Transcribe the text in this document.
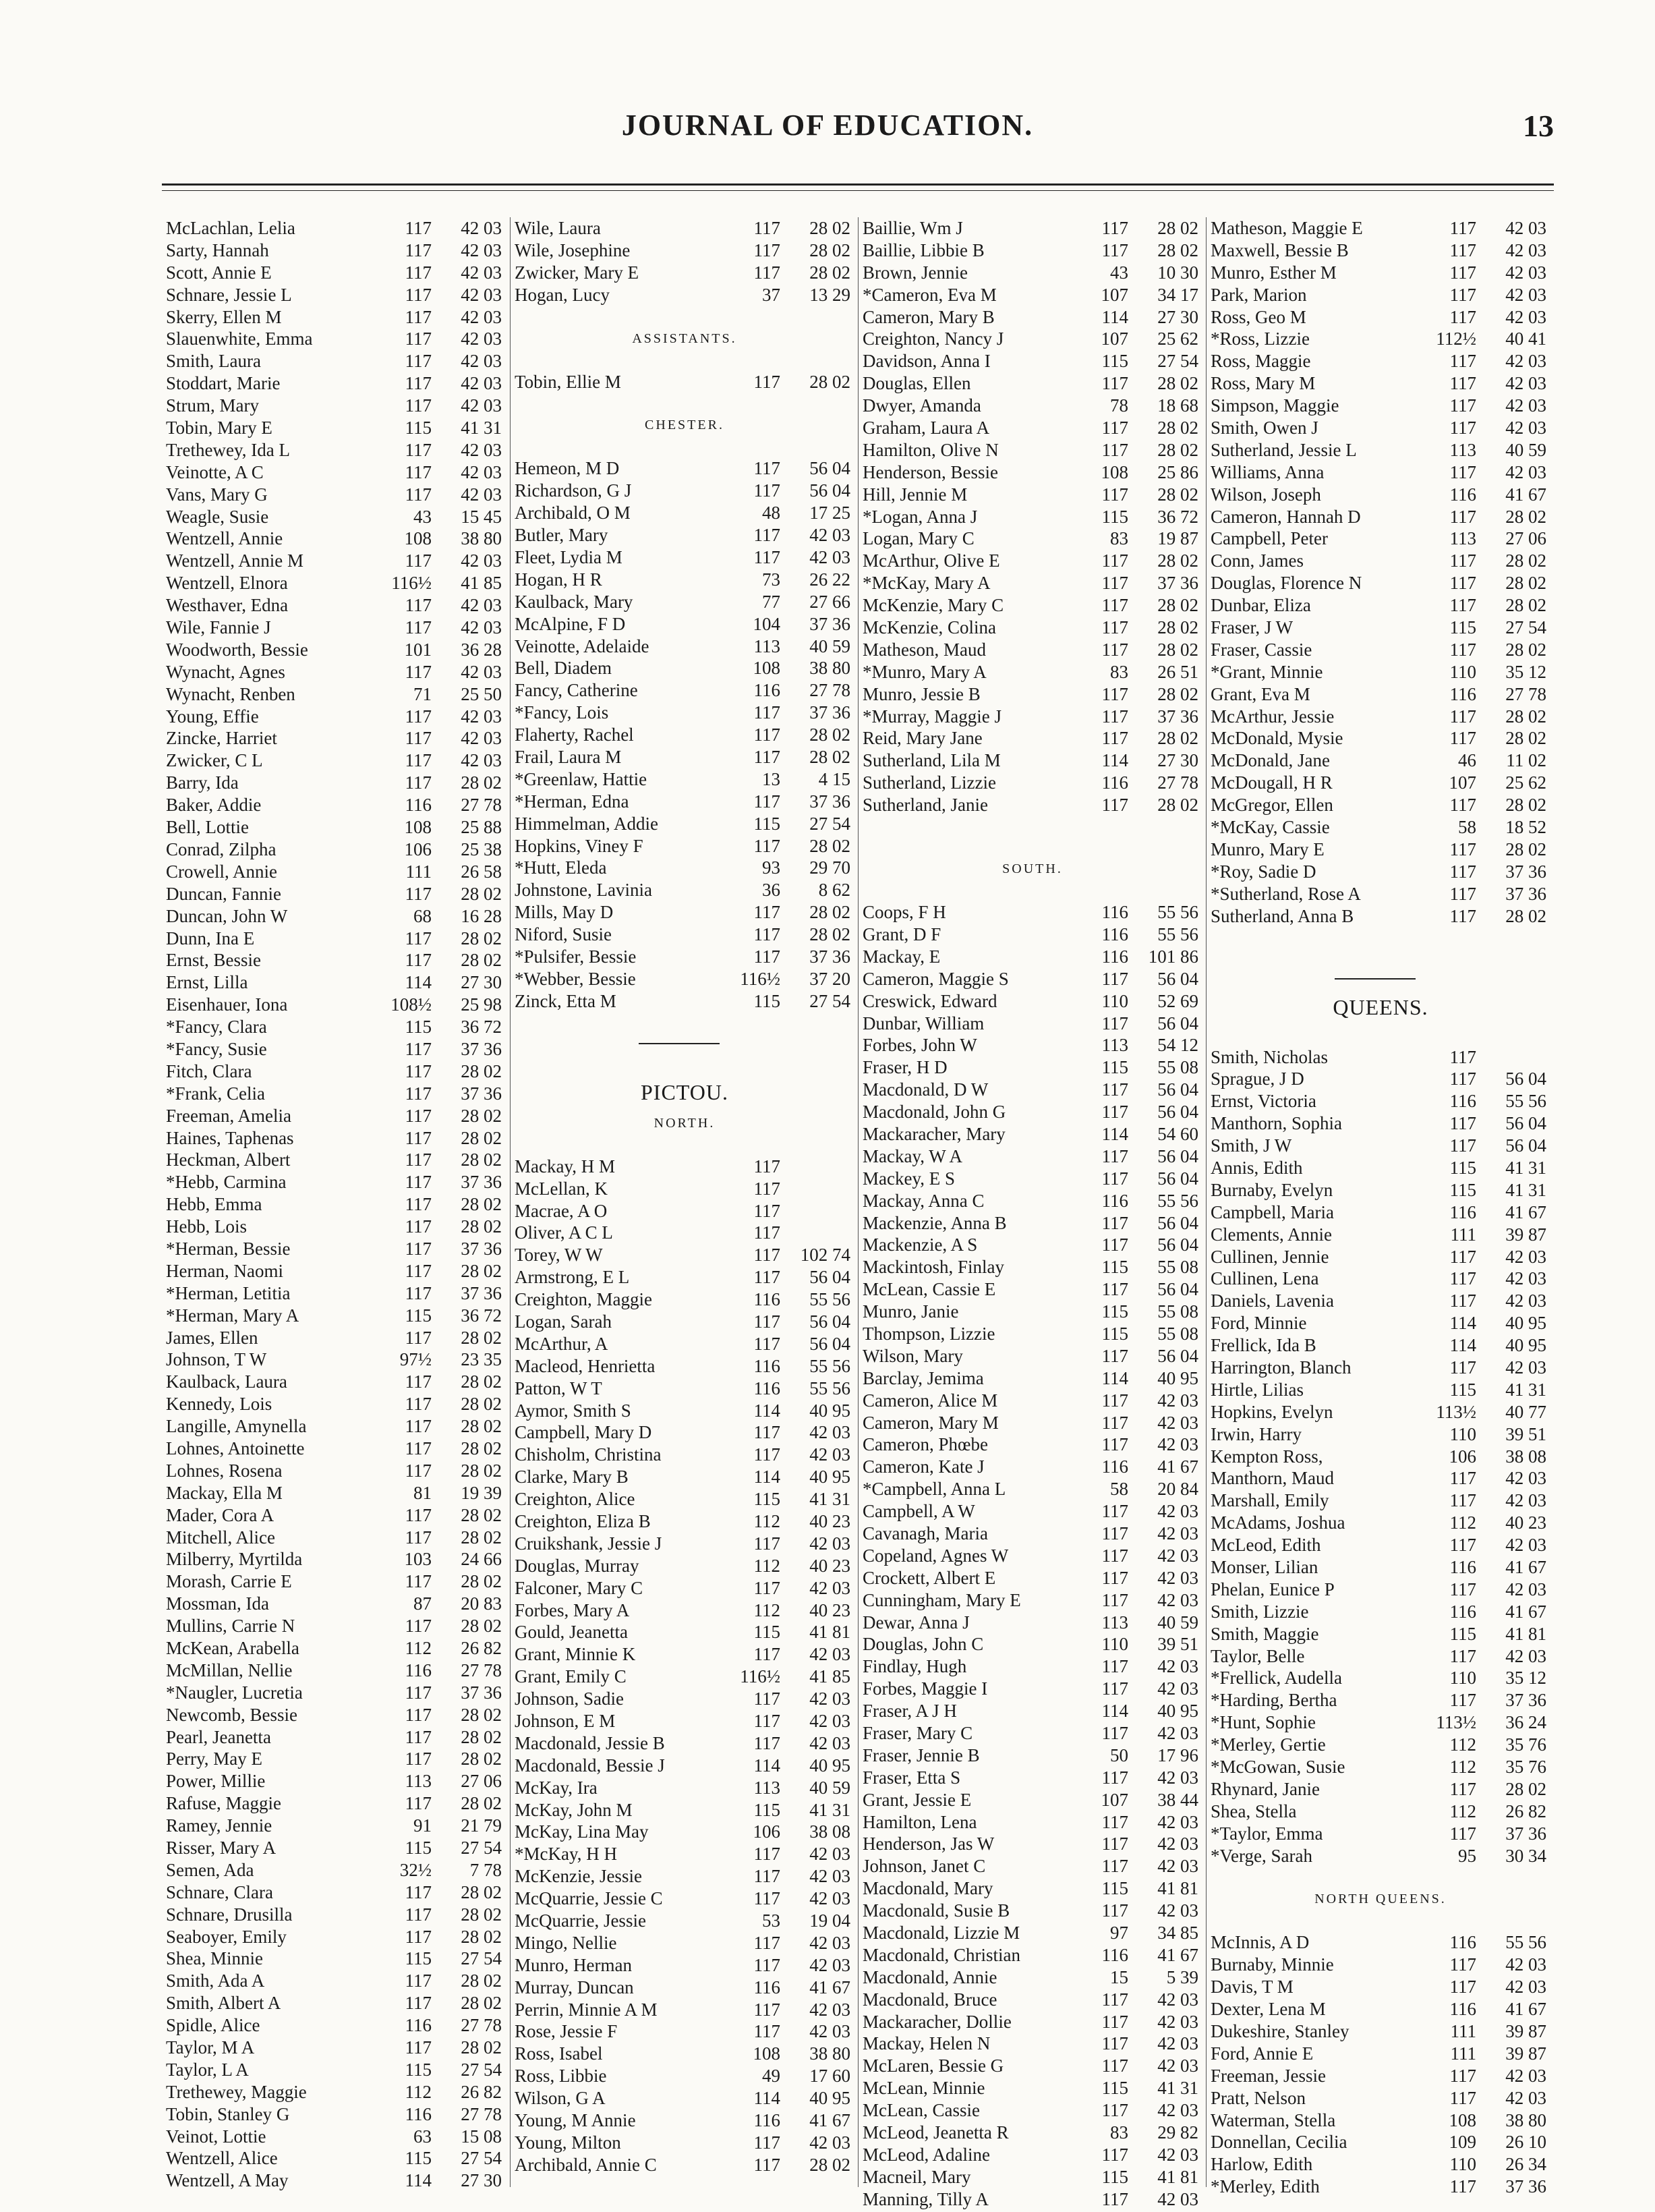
JOURNAL OF EDUCATION.	13
McLachlan, Lelia	117	42 03
Sarty, Hannah	117	42 03
Scott, Annie E	117	42 03
Schnare, Jessie L	117	42 03
Skerry, Ellen M	117	42 03
Slauenwhite, Emma	117	42 03
Smith, Laura	117	42 03
Stoddart, Marie	117	42 03
Strum, Mary	117	42 03
Tobin, Mary E	115	41 31
Trethewey, Ida L	117	42 03
Veinotte, A C	117	42 03
Vans, Mary G	117	42 03
Weagle, Susie	43	15 45
Wentzell, Annie	108	38 80
Wentzell, Annie M	117	42 03
Wentzell, Elnora	116½	41 85
Westhaver, Edna	117	42 03
Wile, Fannie J	117	42 03
Woodworth, Bessie	101	36 28
Wynacht, Agnes	117	42 03
Wynacht, Renben	71	25 50
Young, Effie	117	42 03
Zincke, Harriet	117	42 03
Zwicker, C L	117	42 03
Barry, Ida	117	28 02
Baker, Addie	116	27 78
Bell, Lottie	108	25 88
Conrad, Zilpha	106	25 38
Crowell, Annie	111	26 58
Duncan, Fannie	117	28 02
Duncan, John W	68	16 28
Dunn, Ina E	117	28 02
Ernst, Bessie	117	28 02
Ernst, Lilla	114	27 30
Eisenhauer, Iona	108½	25 98
*Fancy, Clara	115	36 72
*Fancy, Susie	117	37 36
Fitch, Clara	117	28 02
*Frank, Celia	117	37 36
Freeman, Amelia	117	28 02
Haines, Taphenas	117	28 02
Heckman, Albert	117	28 02
*Hebb, Carmina	117	37 36
Hebb, Emma	117	28 02
Hebb, Lois	117	28 02
*Herman, Bessie	117	37 36
Herman, Naomi	117	28 02
*Herman, Letitia	117	37 36
*Herman, Mary A	115	36 72
James, Ellen	117	28 02
Johnson, T W	97½	23 35
Kaulback, Laura	117	28 02
Kennedy, Lois	117	28 02
Langille, Amynella	117	28 02
Lohnes, Antoinette	117	28 02
Lohnes, Rosena	117	28 02
Mackay, Ella M	81	19 39
Mader, Cora A	117	28 02
Mitchell, Alice	117	28 02
Milberry, Myrtilda	103	24 66
Morash, Carrie E	117	28 02
Mossman, Ida	87	20 83
Mullins, Carrie N	117	28 02
McKean, Arabella	112	26 82
McMillan, Nellie	116	27 78
*Naugler, Lucretia	117	37 36
Newcomb, Bessie	117	28 02
Pearl, Jeanetta	117	28 02
Perry, May E	117	28 02
Power, Millie	113	27 06
Rafuse, Maggie	117	28 02
Ramey, Jennie	91	21 79
Risser, Mary A	115	27 54
Semen, Ada	32½	7 78
Schnare, Clara	117	28 02
Schnare, Drusilla	117	28 02
Seaboyer, Emily	117	28 02
Shea, Minnie	115	27 54
Smith, Ada A	117	28 02
Smith, Albert A	117	28 02
Spidle, Alice	116	27 78
Taylor, M A	117	28 02
Taylor, L A	115	27 54
Trethewey, Maggie	112	26 82
Tobin, Stanley G	116	27 78
Veinot, Lottie	63	15 08
Wentzell, Alice	115	27 54
Wentzell, A May	114	27 30
Wile, Laura	117	28 02
Wile, Josephine	117	28 02
Zwicker, Mary E	117	28 02
Hogan, Lucy	37	13 29
ASSISTANTS.
Tobin, Ellie M	117	28 02
CHESTER.
Hemeon, M D	117	56 04
Richardson, G J	117	56 04
Archibald, O M	48	17 25
Butler, Mary	117	42 03
Fleet, Lydia M	117	42 03
Hogan, H R	73	26 22
Kaulback, Mary	77	27 66
McAlpine, F D	104	37 36
Veinotte, Adelaide	113	40 59
Bell, Diadem	108	38 80
Fancy, Catherine	116	27 78
*Fancy, Lois	117	37 36
Flaherty, Rachel	117	28 02
Frail, Laura M	117	28 02
*Greenlaw, Hattie	13	4 15
*Herman, Edna	117	37 36
Himmelman, Addie	115	27 54
Hopkins, Viney F	117	28 02
*Hutt, Eleda	93	29 70
Johnstone, Lavinia	36	8 62
Mills, May D	117	28 02
Niford, Susie	117	28 02
*Pulsifer, Bessie	117	37 36
*Webber, Bessie	116½	37 20
Zinck, Etta M	115	27 54
PICTOU.
NORTH.
Mackay, H M	117
McLellan, K	117
Macrae, A O	117
Oliver, A C L	117
Torey, W W	117	102 74
Armstrong, E L	117	56 04
Creighton, Maggie	116	55 56
Logan, Sarah	117	56 04
McArthur, A	117	56 04
Macleod, Henrietta	116	55 56
Patton, W T	116	55 56
Aymor, Smith S	114	40 95
Campbell, Mary D	117	42 03
Chisholm, Christina	117	42 03
Clarke, Mary B	114	40 95
Creighton, Alice	115	41 31
Creighton, Eliza B	112	40 23
Cruikshank, Jessie J	117	42 03
Douglas, Murray	112	40 23
Falconer, Mary C	117	42 03
Forbes, Mary A	112	40 23
Gould, Jeanetta	115	41 81
Grant, Minnie K	117	42 03
Grant, Emily C	116½	41 85
Johnson, Sadie	117	42 03
Johnson, E M	117	42 03
Macdonald, Jessie B	117	42 03
Macdonald, Bessie J	114	40 95
McKay, Ira	113	40 59
McKay, John M	115	41 31
McKay, Lina May	106	38 08
*McKay, H H	117	42 03
McKenzie, Jessie	117	42 03
McQuarrie, Jessie C	117	42 03
McQuarrie, Jessie	53	19 04
Mingo, Nellie	117	42 03
Munro, Herman	117	42 03
Murray, Duncan	116	41 67
Perrin, Minnie A M	117	42 03
Rose, Jessie F	117	42 03
Ross, Isabel	108	38 80
Ross, Libbie	49	17 60
Wilson, G A	114	40 95
Young, M Annie	116	41 67
Young, Milton	117	42 03
Archibald, Annie C	117	28 02
Baillie, Wm J	117	28 02
Baillie, Libbie B	117	28 02
Brown, Jennie	43	10 30
*Cameron, Eva M	107	34 17
Cameron, Mary B	114	27 30
Creighton, Nancy J	107	25 62
Davidson, Anna I	115	27 54
Douglas, Ellen	117	28 02
Dwyer, Amanda	78	18 68
Graham, Laura A	117	28 02
Hamilton, Olive N	117	28 02
Henderson, Bessie	108	25 86
Hill, Jennie M	117	28 02
*Logan, Anna J	115	36 72
Logan, Mary C	83	19 87
McArthur, Olive E	117	28 02
*McKay, Mary A	117	37 36
McKenzie, Mary C	117	28 02
McKenzie, Colina	117	28 02
Matheson, Maud	117	28 02
*Munro, Mary A	83	26 51
Munro, Jessie B	117	28 02
*Murray, Maggie J	117	37 36
Reid, Mary Jane	117	28 02
Sutherland, Lila M	114	27 30
Sutherland, Lizzie	116	27 78
Sutherland, Janie	117	28 02
SOUTH.
Coops, F H	116	55 56
Grant, D F	116	55 56
Mackay, E	116	101 86
Cameron, Maggie S	117	56 04
Creswick, Edward	110	52 69
Dunbar, William	117	56 04
Forbes, John W	113	54 12
Fraser, H D	115	55 08
Macdonald, D W	117	56 04
Macdonald, John G	117	56 04
Mackaracher, Mary	114	54 60
Mackay, W A	117	56 04
Mackey, E S	117	56 04
Mackay, Anna C	116	55 56
Mackenzie, Anna B	117	56 04
Mackenzie, A S	117	56 04
Mackintosh, Finlay	115	55 08
McLean, Cassie E	117	56 04
Munro, Janie	115	55 08
Thompson, Lizzie	115	55 08
Wilson, Mary	117	56 04
Barclay, Jemima	114	40 95
Cameron, Alice M	117	42 03
Cameron, Mary M	117	42 03
Cameron, Phœbe	117	42 03
Cameron, Kate J	116	41 67
*Campbell, Anna L	58	20 84
Campbell, A W	117	42 03
Cavanagh, Maria	117	42 03
Copeland, Agnes W	117	42 03
Crockett, Albert E	117	42 03
Cunningham, Mary E	117	42 03
Dewar, Anna J	113	40 59
Douglas, John C	110	39 51
Findlay, Hugh	117	42 03
Forbes, Maggie I	117	42 03
Fraser, A J H	114	40 95
Fraser, Mary C	117	42 03
Fraser, Jennie B	50	17 96
Fraser, Etta S	117	42 03
Grant, Jessie E	107	38 44
Hamilton, Lena	117	42 03
Henderson, Jas W	117	42 03
Johnson, Janet C	117	42 03
Macdonald, Mary	115	41 81
Macdonald, Susie B	117	42 03
Macdonald, Lizzie M	97	34 85
Macdonald, Christian	116	41 67
Macdonald, Annie	15	5 39
Macdonald, Bruce	117	42 03
Mackaracher, Dollie	117	42 03
Mackay, Helen N	117	42 03
McLaren, Bessie G	117	42 03
McLean, Minnie	115	41 31
McLean, Cassie	117	42 03
McLeod, Jeanetta R	83	29 82
McLeod, Adaline	117	42 03
Macneil, Mary	115	41 81
Manning, Tilly A	117	42 03
Matheson, Maggie E	117	42 03
Maxwell, Bessie B	117	42 03
Munro, Esther M	117	42 03
Park, Marion	117	42 03
Ross, Geo M	117	42 03
*Ross, Lizzie	112½	40 41
Ross, Maggie	117	42 03
Ross, Mary M	117	42 03
Simpson, Maggie	117	42 03
Smith, Owen J	117	42 03
Sutherland, Jessie L	113	40 59
Williams, Anna	117	42 03
Wilson, Joseph	116	41 67
Cameron, Hannah D	117	28 02
Campbell, Peter	113	27 06
Conn, James	117	28 02
Douglas, Florence N	117	28 02
Dunbar, Eliza	117	28 02
Fraser, J W	115	27 54
Fraser, Cassie	117	28 02
*Grant, Minnie	110	35 12
Grant, Eva M	116	27 78
McArthur, Jessie	117	28 02
McDonald, Mysie	117	28 02
McDonald, Jane	46	11 02
McDougall, H R	107	25 62
McGregor, Ellen	117	28 02
*McKay, Cassie	58	18 52
Munro, Mary E	117	28 02
*Roy, Sadie D	117	37 36
*Sutherland, Rose A	117	37 36
Sutherland, Anna B	117	28 02
QUEENS.
Smith, Nicholas	117
Sprague, J D	117	56 04
Ernst, Victoria	116	55 56
Manthorn, Sophia	117	56 04
Smith, J W	117	56 04
Annis, Edith	115	41 31
Burnaby, Evelyn	115	41 31
Campbell, Maria	116	41 67
Clements, Annie	111	39 87
Cullinen, Jennie	117	42 03
Cullinen, Lena	117	42 03
Daniels, Lavenia	117	42 03
Ford, Minnie	114	40 95
Frellick, Ida B	114	40 95
Harrington, Blanch	117	42 03
Hirtle, Lilias	115	41 31
Hopkins, Evelyn	113½	40 77
Irwin, Harry	110	39 51
Kempton Ross,	106	38 08
Manthorn, Maud	117	42 03
Marshall, Emily	117	42 03
McAdams, Joshua	112	40 23
McLeod, Edith	117	42 03
Monser, Lilian	116	41 67
Phelan, Eunice P	117	42 03
Smith, Lizzie	116	41 67
Smith, Maggie	115	41 81
Taylor, Belle	117	42 03
*Frellick, Audella	110	35 12
*Harding, Bertha	117	37 36
*Hunt, Sophie	113½	36 24
*Merley, Gertie	112	35 76
*McGowan, Susie	112	35 76
Rhynard, Janie	117	28 02
Shea, Stella	112	26 82
*Taylor, Emma	117	37 36
*Verge, Sarah	95	30 34
NORTH QUEENS.
McInnis, A D	116	55 56
Burnaby, Minnie	117	42 03
Davis, T M	117	42 03
Dexter, Lena M	116	41 67
Dukeshire, Stanley	111	39 87
Ford, Annie E	111	39 87
Freeman, Jessie	117	42 03
Pratt, Nelson	117	42 03
Waterman, Stella	108	38 80
Donnellan, Cecilia	109	26 10
Harlow, Edith	110	26 34
*Merley, Edith	117	37 36
